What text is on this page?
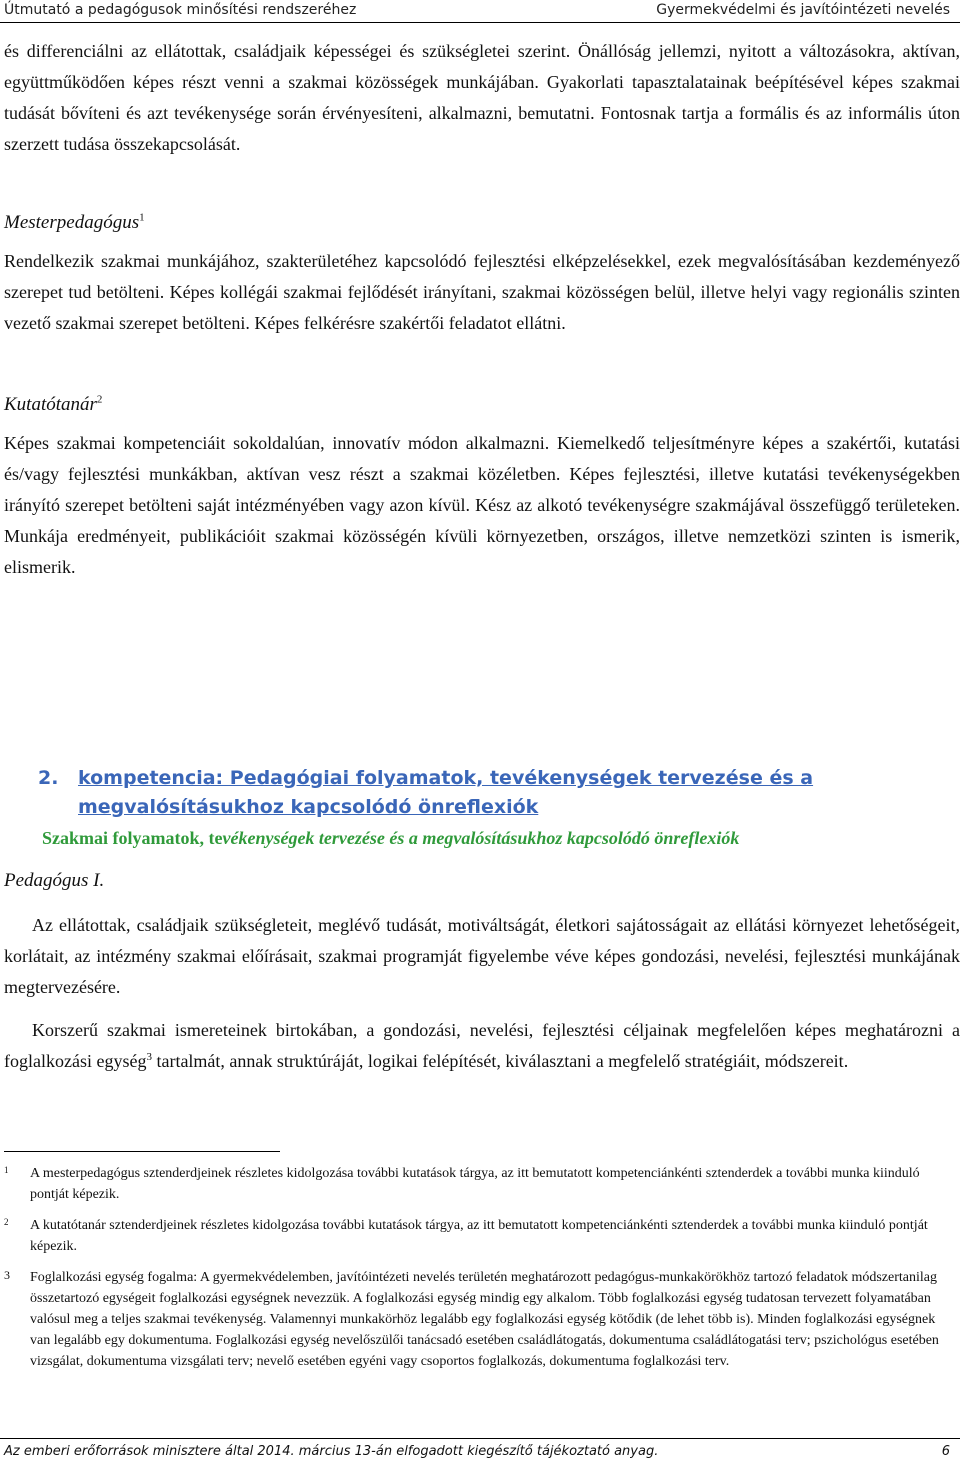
Útmutató a pedagógusok minősítési rendszeréhez	Gyermekvédelmi és javítóintézeti nevelés

és differenciálni az ellátottak, családjaik képességei és szükségletei szerint. Önállóság jellemzi, nyitott a változásokra, aktívan, együttműködően képes részt venni a szakmai közösségek munkájában. Gyakorlati tapasztalatainak beépítésével képes szakmai tudását bővíteni és azt tevékenysége során érvényesíteni, alkalmazni, bemutatni. Fontosnak tartja a formális és az informális úton szerzett tudása összekapcsolását.

Mesterpedagógus$^1$

Rendelkezik szakmai munkájához, szakterületéhez kapcsolódó fejlesztési elképzelésekkel, ezek megvalósításában kezdeményező szerepet tud betölteni. Képes kollégái szakmai fejlődését irányítani, szakmai közösségen belül, illetve helyi vagy regionális szinten vezető szakmai szerepet betölteni. Képes felkérésre szakértői feladatot ellátni.

Kutatótanár$^2$

Képes szakmai kompetenciáit sokoldalúan, innovatív módon alkalmazni. Kiemelkedő teljesítményre képes a szakértői, kutatási és/vagy fejlesztési munkákban, aktívan vesz részt a szakmai közéletben. Képes fejlesztési, illetve kutatási tevékenységekben irányító szerepet betölteni saját intézményében vagy azon kívül. Kész az alkotó tevékenységre szakmájával összefüggő területeken. Munkája eredményeit, publikációit szakmai közösségén kívüli környezetben, országos, illetve nemzetközi szinten is ismerik, elismerik.

2. kompetencia: Pedagógiai folyamatok, tevékenységek tervezése és a
megvalósításukhoz kapcsolódó önreflexiók
Szakmai folyamatok, tevékenységek tervezése és a megvalósításukhoz kapcsolódó önreflexiók
Pedagógus I.

Az ellátottak, családjaik szükségleteit, meglévő tudását, motiváltságát, életkori sajátosságait az ellátási környezet lehetőségeit, korlátait, az intézmény szakmai előírásait, szakmai programját figyelembe véve képes gondozási, nevelési, fejlesztési munkájának megtervezésére.

Korszerű szakmai ismereteinek birtokában, a gondozási, nevelési, fejlesztési céljainak megfelelően képes meghatározni a foglalkozási egység$^3$ tartalmát, annak struktúráját, logikai felépítését, kiválasztani a megfelelő stratégiáit, módszereit.

1 A mesterpedagógus sztenderdjeinek részletes kidolgozása további kutatások tárgya, az itt bemutatott kompetenciánkénti sztenderdek a további munka kiinduló pontját képezik.
2 A kutatótanár sztenderdjeinek részletes kidolgozása további kutatások tárgya, az itt bemutatott kompetenciánkénti sztenderdek a további munka kiinduló pontját képezik.
3 Foglalkozási egység fogalma: A gyermekvédelemben, javítóintézeti nevelés területén meghatározott pedagógus-munkakörökhöz tartozó feladatok módszertanilag összetartozó egységeit foglalkozási egységnek nevezzük. A foglalkozási egység mindig egy alkalom. Több foglalkozási egység tudatosan tervezett folyamatában valósul meg a teljes szakmai tevékenység. Valamennyi munkakörhöz legalább egy foglalkozási egység kötődik (de lehet több is). Minden foglalkozási egységnek van legalább egy dokumentuma. Foglalkozási egység nevelőszülői tanácsadó esetében családlátogatás, dokumentuma családlátogatási terv; pszichológus esetében vizsgálat, dokumentuma vizsgálati terv; nevelő esetében egyéni vagy csoportos foglalkozás, dokumentuma foglalkozási terv.
Az emberi erőforrások minisztere által 2014. március 13-án elfogadott kiegészítő tájékoztató anyag.	6
